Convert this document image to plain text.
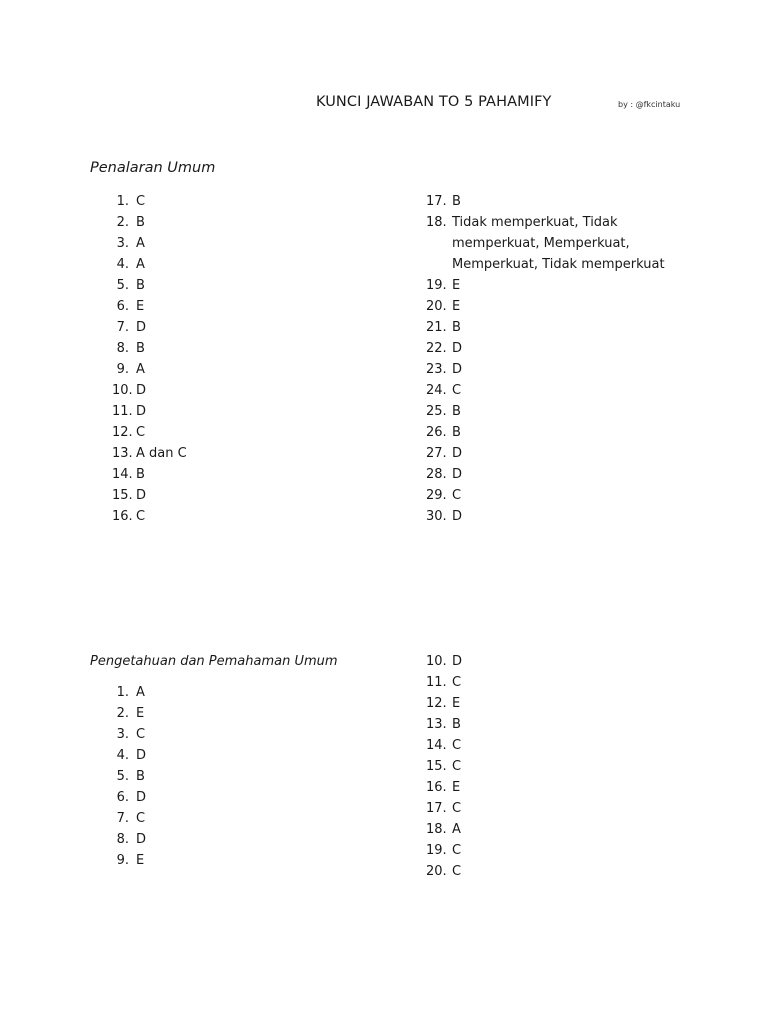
KUNCI JAWABAN TO 5 PAHAMIFY	by : @fkcintaku
Penalaran Umum
Pengetahuan dan Pemahaman Umum
1. C
2. B
3. A
4. A
5. B
6. E
7. D
8. B
9. A
10. D
11. D
12. C
13. A dan C
14. B
15. D
16. C
17. B
18. Tidak memperkuat, Tidak memperkuat, Memperkuat, Memperkuat, Tidak memperkuat
19. E
20. E
21. B
22. D
23. D
24. C
25. B
26. B
27. D
28. D
29. C
30. D
1. A
2. E
3. C
4. D
5. B
6. D
7. C
8. D
9. E
10. D
11. C
12. E
13. B
14. C
15. C
16. E
17. C
18. A
19. C
20. C
